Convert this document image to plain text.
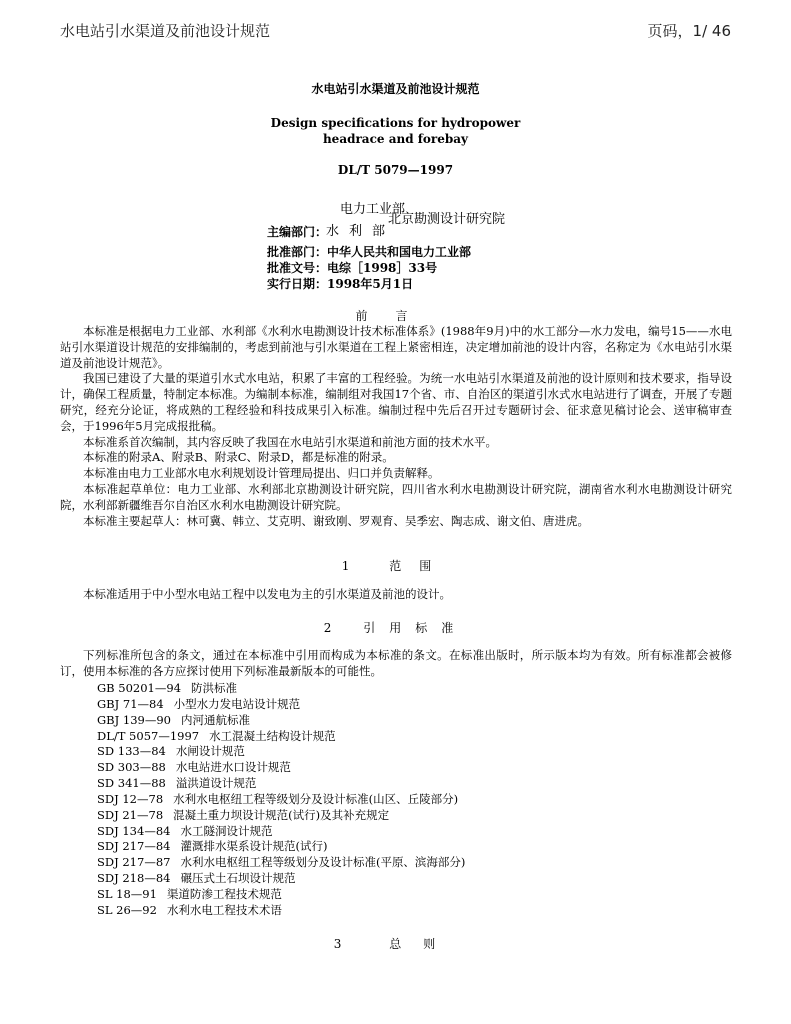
水电站引水渠道及前池设计规范	页码，1/ 46
水电站引水渠道及前池设计规范
Design specifications for hydropower
headrace and forebay
DL/T 5079—1997
电力工业部
北京勘测设计研究院
主编部门：
水利部
批准部门：中华人民共和国电力工业部
批准文号：电综［1998］33号
实行日期：1998年5月1日
前言

本标准是根据电力工业部、水利部《水利水电勘测设计技术标准体系》(1988年9月)中的水工部分—水力发电，编号15——水电站引水渠道设计规范的安排编制的，考虑到前池与引水渠道在工程上紧密相连，决定增加前池的设计内容，名称定为《水电站引水渠道及前池设计规范》。

我国已建设了大量的渠道引水式水电站，积累了丰富的工程经验。为统一水电站引水渠道及前池的设计原则和技术要求，指导设计，确保工程质量，特制定本标准。为编制本标准，编制组对我国17个省、市、自治区的渠道引水式水电站进行了调查，开展了专题研究，经充分论证，将成熟的工程经验和科技成果引入标准。编制过程中先后召开过专题研讨会、征求意见稿讨论会、送审稿审查会，于1996年5月完成报批稿。

本标准系首次编制，其内容反映了我国在水电站引水渠道和前池方面的技术水平。

本标准的附录A、附录B、附录C、附录D，都是标准的附录。

本标准由电力工业部水电水利规划设计管理局提出、归口并负责解释。

本标准起草单位：电力工业部、水利部北京勘测设计研究院，四川省水利水电勘测设计研究院，湖南省水利水电勘测设计研究院，水利部新疆维吾尔自治区水利水电勘测设计研究院。

本标准主要起草人：林可冀、韩立、艾克明、谢致刚、罗观育、吴季宏、陶志成、谢文伯、唐进虎。

1 范围

本标准适用于中小型水电站工程中以发电为主的引水渠道及前池的设计。

2 引用标准

下列标准所包含的条文，通过在本标准中引用而构成为本标准的条文。在标准出版时，所示版本均为有效。所有标准都会被修订，使用本标准的各方应探讨使用下列标准最新版本的可能性。

GB 50201—94 防洪标准
GBJ 71—84 小型水力发电站设计规范
GBJ 139—90 内河通航标准
DL/T 5057—1997 水工混凝土结构设计规范
SD 133—84 水闸设计规范
SD 303—88 水电站进水口设计规范
SD 341—88 溢洪道设计规范
SDJ 12—78 水利水电枢纽工程等级划分及设计标准(山区、丘陵部分)
SDJ 21—78 混凝土重力坝设计规范(试行)及其补充规定
SDJ 134—84 水工隧洞设计规范
SDJ 217—84 灌溉排水渠系设计规范(试行)
SDJ 217—87 水利水电枢纽工程等级划分及设计标准(平原、滨海部分)
SDJ 218—84 碾压式土石坝设计规范
SL 18—91 渠道防渗工程技术规范
SL 26—92 水利水电工程技术术语
3 总则
